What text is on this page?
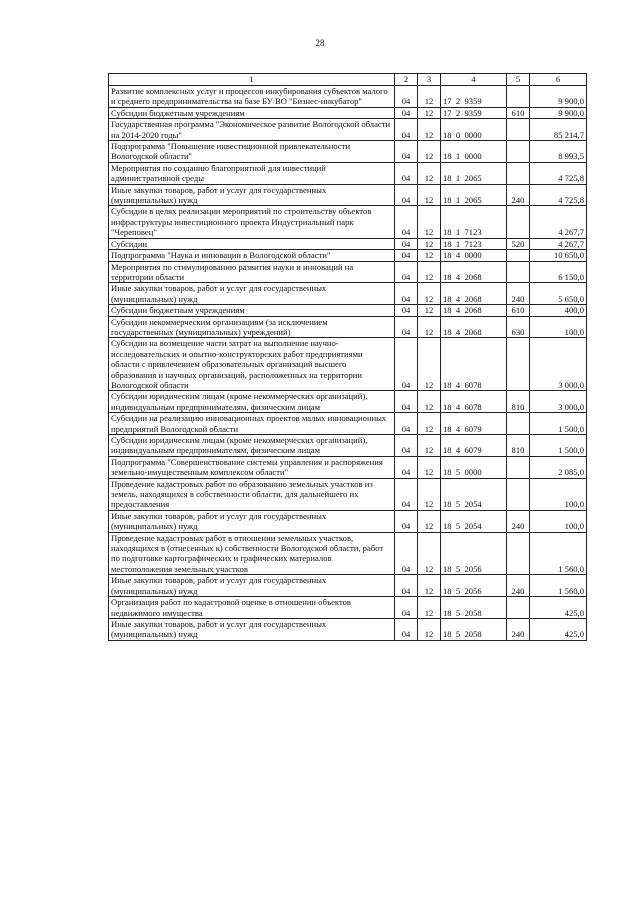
28
1	2	3	4	5	6
Развитие комплексных услуг и процессов инкубирования субъектов малого и среднего предпринимательства на базе БУ ВО "Бизнес-инкубатор"	04	12	17  2  9359		9 900,0
Субсидии бюджетным учреждениям	04	12	17  2  9359	610	9 900,0
Государственная программа "Экономическое развитие Вологодской области на 2014-2020 годы"	04	12	18  0  0000		85 214,7
Подпрограмма "Повышение инвестиционной привлекательности Вологодской области"	04	12	18  1  0000		8 993,5
Мероприятия по созданию благоприятной для инвестиций административной среды	04	12	18  1  2065		4 725,8
Иные закупки товаров, работ и услуг для государственных (муниципальных) нужд	04	12	18  1  2065	240	4 725,8
Субсидии в целях реализации мероприятий по строительству объектов инфраструктуры инвестиционного проекта Индустриальный парк "Череповец"	04	12	18  1  7123		4 267,7
Субсидии	04	12	18  1  7123	520	4 267,7
Подпрограмма "Наука и инновации в Вологодской области"	04	12	18  4  0000		10 650,0
Мероприятия по стимулированию развития науки и инноваций на территории области	04	12	18  4  2068		6 150,0
Иные закупки товаров, работ и услуг для государственных (муниципальных) нужд	04	12	18  4  2068	240	5 650,0
Субсидии бюджетным учреждениям	04	12	18  4  2068	610	400,0
Субсидии некоммерческим организациям (за исключением государственных (муниципальных) учреждений)	04	12	18  4  2068	630	100,0
Субсидии на возмещение части затрат на выполнение научно-исследовательских и опытно-конструкторских работ предприятиями области с привлечением образовательных организаций высшего образования и научных организаций, расположенных на территории Вологодской области	04	12	18  4  6078		3 000,0
Субсидии юридическим лицам (кроме некоммерческих организаций), индивидуальным предпринимателям, физическим лицам	04	12	18  4  6078	810	3 000,0
Субсидии на реализацию инновационных проектов малых инновационных предприятий Вологодской области	04	12	18  4  6079		1 500,0
Субсидии юридическим лицам (кроме некоммерческих организаций), индивидуальным предпринимателям, физическим лицам	04	12	18  4  6079	810	1 500,0
Подпрограмма "Совершенствование системы управления и распоряжения земельно-имущественным комплексом области"	04	12	18  5  0000		2 085,0
Проведение кадастровых работ по образованию земельных участков из земель, находящихся в собственности области, для дальнейшего их предоставления	04	12	18  5  2054		100,0
Иные закупки товаров, работ и услуг для государственных (муниципальных) нужд	04	12	18  5  2054	240	100,0
Проведение кадастровых работ в отношении земельных участков, находящихся в (отнесенных к) собственности Вологодской области, работ по подготовке картографических и графических материалов местоположения земельных участков	04	12	18  5  2056		1 560,0
Иные закупки товаров, работ и услуг для государственных (муниципальных) нужд	04	12	18  5  2056	240	1 560,0
Организация работ по кадастровой оценке в отношении объектов недвижимого имущества	04	12	18  5  2058		425,0
Иные закупки товаров, работ и услуг для государственных (муниципальных) нужд	04	12	18  5  2058	240	425,0
